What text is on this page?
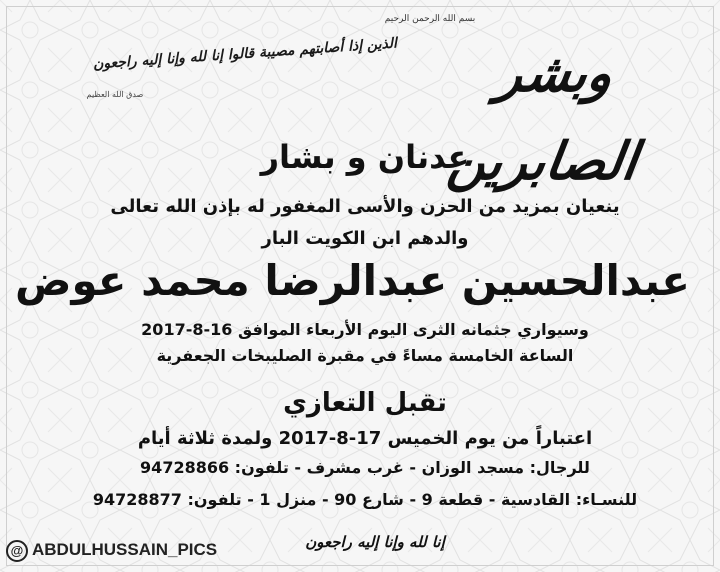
بسم الله الرحمن الرحيم
وبشر الصابرين
الذين إذا أصابتهم مصيبة قالوا إنا لله وإنا إليه راجعون
صدق الله العظيم
عدنان و بشار
ينعيان بمزيد من الحزن والأسى المغفور له بإذن الله تعالى
والدهم ابن الكويت البار
عبدالحسين عبدالرضا محمد عوض
وسيواري جثمانه الثرى اليوم الأربعاء الموافق 16-8-2017
الساعة الخامسة مساءً في مقبرة الصليبخات الجعفرية
تقبل التعازي
اعتباراً من يوم الخميس 17-8-2017 ولمدة ثلاثة أيام
للرجال: مسجد الوزان - غرب مشرف - تلفون: 94728866
للنسـاء: القادسية - قطعة 9 - شارع 90 - منزل 1 - تلفون: 94728877
@ ABDULHUSSAIN_PICS	إنا لله وإنا إليه راجعون
